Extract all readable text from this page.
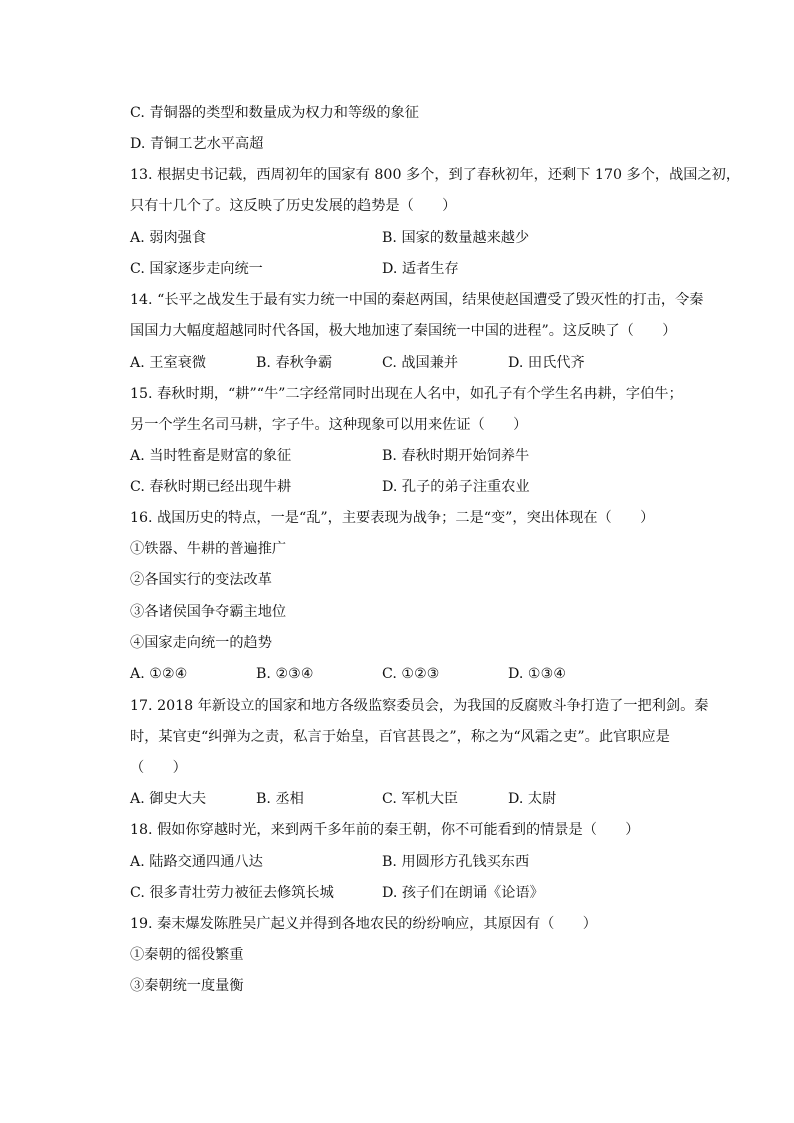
C. 青铜器的类型和数量成为权力和等级的象征
D. 青铜工艺水平高超
13. 根据史书记载，西周初年的国家有 800 多个，到了春秋初年，还剩下 170 多个，战国之初，
只有十几个了。这反映了历史发展的趋势是（　　）
A. 弱肉强食	B. 国家的数量越来越少
C. 国家逐步走向统一	D. 适者生存
14. “长平之战发生于最有实力统一中国的秦赵两国，结果使赵国遭受了毁灭性的打击，令秦
国国力大幅度超越同时代各国，极大地加速了秦国统一中国的进程”。这反映了（　　）
A. 王室衰微	B. 春秋争霸	C. 战国兼并	D. 田氏代齐
15. 春秋时期，“耕”“牛”二字经常同时出现在人名中，如孔子有个学生名冉耕，字伯牛；
另一个学生名司马耕，字子牛。这种现象可以用来佐证（　　）
A. 当时牲畜是财富的象征	B. 春秋时期开始饲养牛
C. 春秋时期已经出现牛耕	D. 孔子的弟子注重农业
16. 战国历史的特点，一是“乱”，主要表现为战争；二是“变”，突出体现在（　　）
①铁器、牛耕的普遍推广
②各国实行的变法改革
③各诸侯国争夺霸主地位
④国家走向统一的趋势
A. ①②④	B. ②③④	C. ①②③	D. ①③④
17. 2018 年新设立的国家和地方各级监察委员会，为我国的反腐败斗争打造了一把利剑。秦
时，某官吏“纠弹为之责，私言于始皇，百官甚畏之”，称之为“风霜之吏”。此官职应是
（　　）
A. 御史大夫	B. 丞相	C. 军机大臣	D. 太尉
18. 假如你穿越时光，来到两千多年前的秦王朝，你不可能看到的情景是（　　）
A. 陆路交通四通八达	B. 用圆形方孔钱买东西
C. 很多青壮劳力被征去修筑长城	D. 孩子们在朗诵《论语》
19. 秦末爆发陈胜吴广起义并得到各地农民的纷纷响应，其原因有（　　）
①秦朝的徭役繁重
③秦朝统一度量衡
